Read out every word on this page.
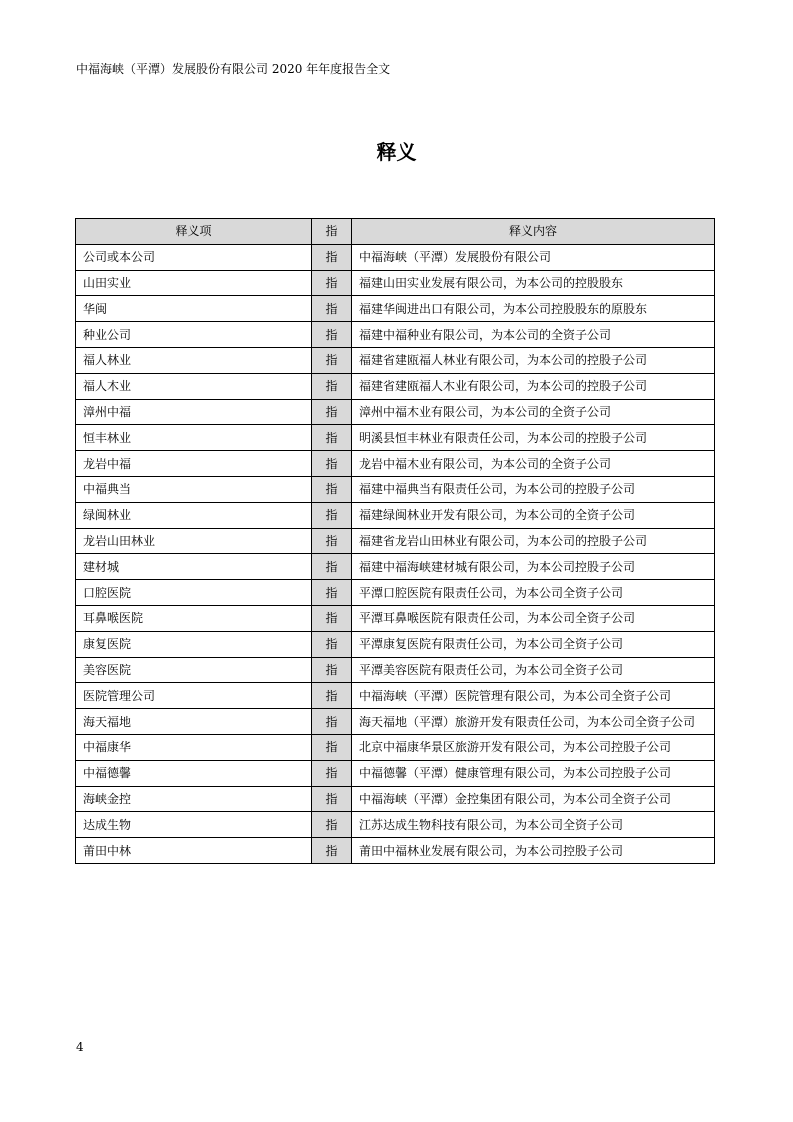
中福海峡（平潭）发展股份有限公司 2020 年年度报告全文
释义
释义项	指	释义内容
公司或本公司	指	中福海峡（平潭）发展股份有限公司
山田实业	指	福建山田实业发展有限公司，为本公司的控股股东
华闽	指	福建华闽进出口有限公司，为本公司控股股东的原股东
种业公司	指	福建中福种业有限公司，为本公司的全资子公司
福人林业	指	福建省建瓯福人林业有限公司，为本公司的控股子公司
福人木业	指	福建省建瓯福人木业有限公司，为本公司的控股子公司
漳州中福	指	漳州中福木业有限公司，为本公司的全资子公司
恒丰林业	指	明溪县恒丰林业有限责任公司，为本公司的控股子公司
龙岩中福	指	龙岩中福木业有限公司，为本公司的全资子公司
中福典当	指	福建中福典当有限责任公司，为本公司的控股子公司
绿闽林业	指	福建绿闽林业开发有限公司，为本公司的全资子公司
龙岩山田林业	指	福建省龙岩山田林业有限公司，为本公司的控股子公司
建材城	指	福建中福海峡建材城有限公司，为本公司控股子公司
口腔医院	指	平潭口腔医院有限责任公司，为本公司全资子公司
耳鼻喉医院	指	平潭耳鼻喉医院有限责任公司，为本公司全资子公司
康复医院	指	平潭康复医院有限责任公司，为本公司全资子公司
美容医院	指	平潭美容医院有限责任公司，为本公司全资子公司
医院管理公司	指	中福海峡（平潭）医院管理有限公司，为本公司全资子公司
海天福地	指	海天福地（平潭）旅游开发有限责任公司，为本公司全资子公司
中福康华	指	北京中福康华景区旅游开发有限公司，为本公司控股子公司
中福德馨	指	中福德馨（平潭）健康管理有限公司，为本公司控股子公司
海峡金控	指	中福海峡（平潭）金控集团有限公司，为本公司全资子公司
达成生物	指	江苏达成生物科技有限公司，为本公司全资子公司
莆田中林	指	莆田中福林业发展有限公司，为本公司控股子公司
4
